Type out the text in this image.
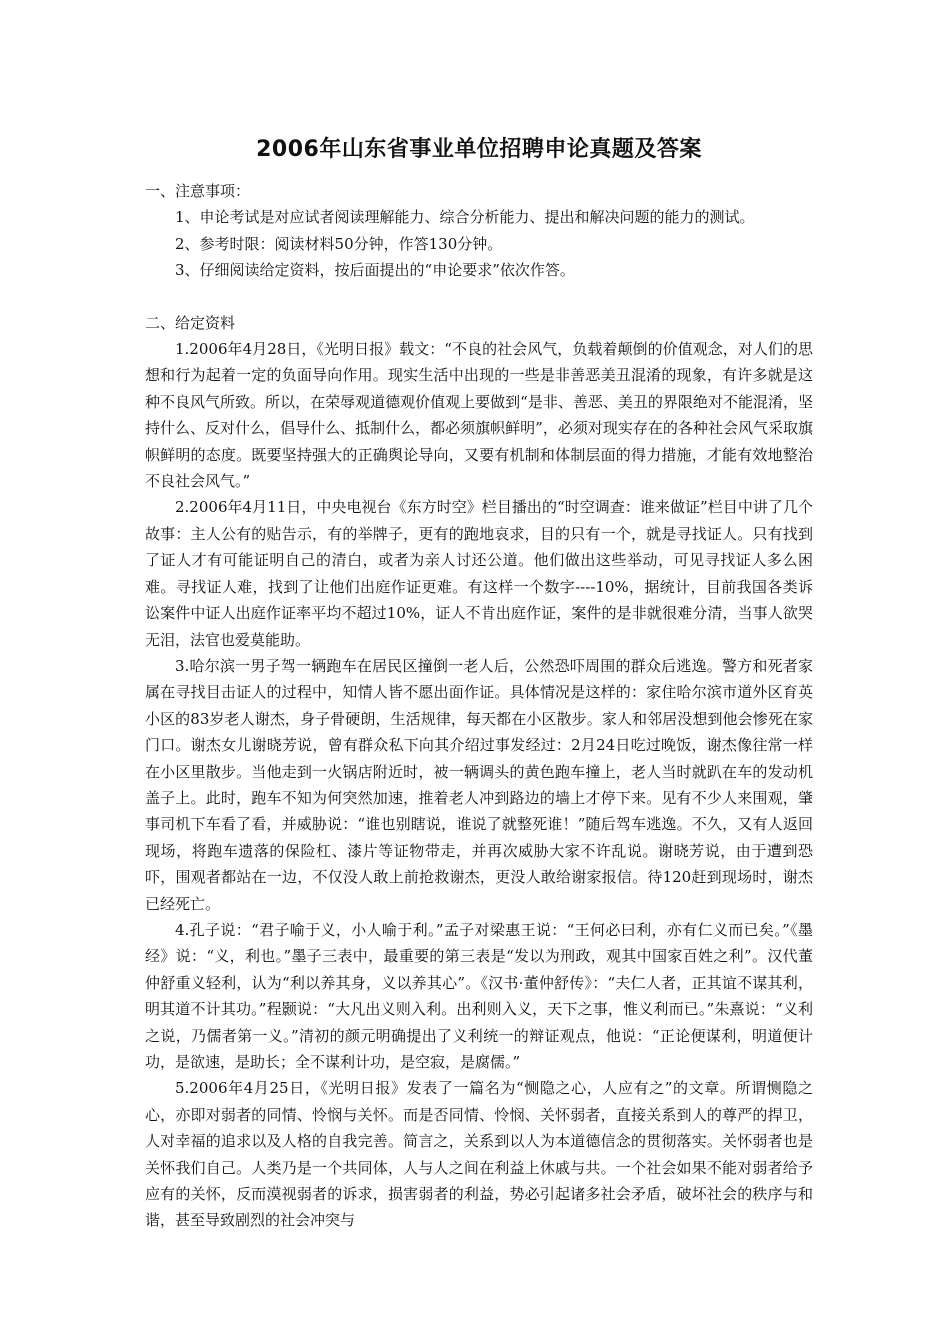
2006年山东省事业单位招聘申论真题及答案
一、注意事项：
1、申论考试是对应试者阅读理解能力、综合分析能力、提出和解决问题的能力的测试。
2、参考时限：阅读材料50分钟，作答130分钟。
3、仔细阅读给定资料，按后面提出的“申论要求”依次作答。
二、给定资料

1.2006年4月28日，《光明日报》载文：“不良的社会风气，负载着颠倒的价值观念，对人们的思想和行为起着一定的负面导向作用。现实生活中出现的一些是非善恶美丑混淆的现象，有许多就是这种不良风气所致。所以，在荣辱观道德观价值观上要做到“是非、善恶、美丑的界限绝对不能混淆，坚持什么、反对什么，倡导什么、抵制什么，都必须旗帜鲜明”，必须对现实存在的各种社会风气采取旗帜鲜明的态度。既要坚持强大的正确舆论导向，又要有机制和体制层面的得力措施，才能有效地整治不良社会风气。”

2.2006年4月11日，中央电视台《东方时空》栏目播出的“时空调查：谁来做证”栏目中讲了几个故事：主人公有的贴告示，有的举牌子，更有的跑地哀求，目的只有一个，就是寻找证人。只有找到了证人才有可能证明自己的清白，或者为亲人讨还公道。他们做出这些举动，可见寻找证人多么困难。寻找证人难，找到了让他们出庭作证更难。有这样一个数字----10%，据统计，目前我国各类诉讼案件中证人出庭作证率平均不超过10%，证人不肯出庭作证，案件的是非就很难分清，当事人欲哭无泪，法官也爱莫能助。

3.哈尔滨一男子驾一辆跑车在居民区撞倒一老人后，公然恐吓周围的群众后逃逸。警方和死者家属在寻找目击证人的过程中，知情人皆不愿出面作证。具体情况是这样的：家住哈尔滨市道外区育英小区的83岁老人谢杰，身子骨硬朗，生活规律，每天都在小区散步。家人和邻居没想到他会惨死在家门口。谢杰女儿谢晓芳说，曾有群众私下向其介绍过事发经过：2月24日吃过晚饭，谢杰像往常一样在小区里散步。当他走到一火锅店附近时，被一辆调头的黄色跑车撞上，老人当时就趴在车的发动机盖子上。此时，跑车不知为何突然加速，推着老人冲到路边的墙上才停下来。见有不少人来围观，肇事司机下车看了看，并威胁说：“谁也别瞎说，谁说了就整死谁！”随后驾车逃逸。不久，又有人返回现场，将跑车遗落的保险杠、漆片等证物带走，并再次威胁大家不许乱说。谢晓芳说，由于遭到恐吓，围观者都站在一边，不仅没人敢上前抢救谢杰，更没人敢给谢家报信。待120赶到现场时，谢杰已经死亡。

4.孔子说：“君子喻于义，小人喻于利。”孟子对梁惠王说：“王何必曰利，亦有仁义而已矣。”《墨经》说：“义，利也。”墨子三表中，最重要的第三表是“发以为刑政，观其中国家百姓之利”。汉代董仲舒重义轻利，认为“利以养其身，义以养其心”。《汉书·董仲舒传》：“夫仁人者，正其谊不谋其利，明其道不计其功。”程颢说：“大凡出义则入利。出利则入义，天下之事，惟义利而已。”朱熹说：“义利之说，乃儒者第一义。”清初的颜元明确提出了义利统一的辩证观点，他说：“正论便谋利，明道便计功，是欲速，是助长；全不谋利计功，是空寂，是腐儒。”

5.2006年4月25日，《光明日报》发表了一篇名为“恻隐之心，人应有之”的文章。所谓恻隐之心，亦即对弱者的同情、怜悯与关怀。而是否同情、怜悯、关怀弱者，直接关系到人的尊严的捍卫，人对幸福的追求以及人格的自我完善。简言之，关系到以人为本道德信念的贯彻落实。关怀弱者也是关怀我们自己。人类乃是一个共同体，人与人之间在利益上休戚与共。一个社会如果不能对弱者给予应有的关怀，反而漠视弱者的诉求，损害弱者的利益，势必引起诸多社会矛盾，破坏社会的秩序与和谐，甚至导致剧烈的社会冲突与
